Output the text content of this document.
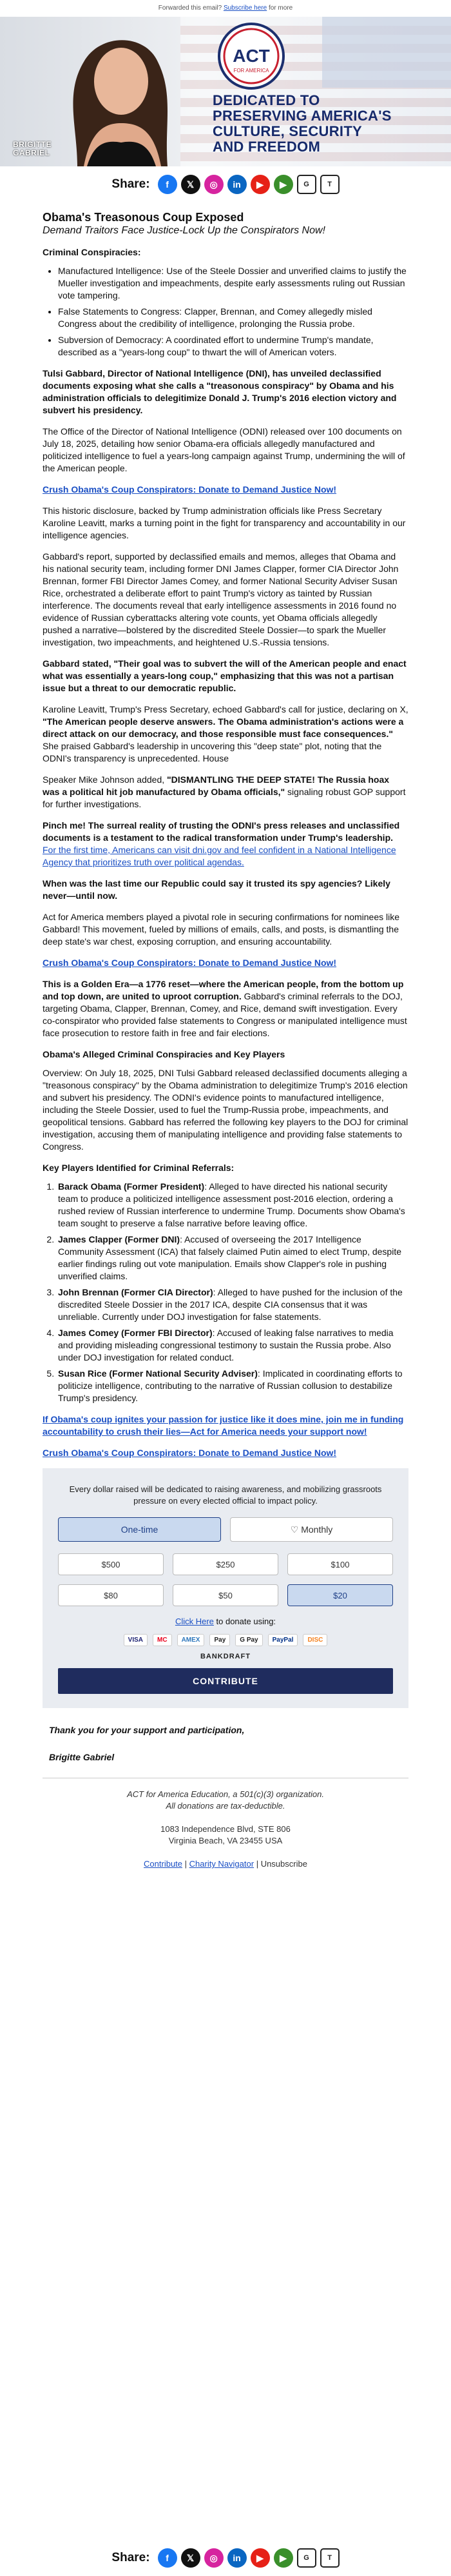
Forwarded this email? Subscribe here for more
BRIGITTE
GABRIEL
ACT
FOR AMERICA
DEDICATED TO
PRESERVING AMERICA'S
CULTURE, SECURITY
AND FREEDOM
Share:	f	𝕏	◎	in	▶	▶	G	T
Obama's Treasonous Coup Exposed
Demand Traitors Face Justice-Lock Up the Conspirators Now!
Criminal Conspiracies:
• Manufactured Intelligence: Use of the Steele Dossier and unverified claims to justify the Mueller investigation and impeachments, despite early assessments ruling out Russian vote tampering.
• False Statements to Congress: Clapper, Brennan, and Comey allegedly misled Congress about the credibility of intelligence, prolonging the Russia probe.
• Subversion of Democracy: A coordinated effort to undermine Trump's mandate, described as a "years-long coup" to thwart the will of American voters.

Tulsi Gabbard, Director of National Intelligence (DNI), has unveiled declassified documents exposing what she calls a "treasonous conspiracy" by Obama and his administration officials to delegitimize Donald J. Trump's 2016 election victory and subvert his presidency.

The Office of the Director of National Intelligence (ODNI) released over 100 documents on July 18, 2025, detailing how senior Obama-era officials allegedly manufactured and politicized intelligence to fuel a years-long campaign against Trump, undermining the will of the American people.

Crush Obama's Coup Conspirators: Donate to Demand Justice Now!

This historic disclosure, backed by Trump administration officials like Press Secretary Karoline Leavitt, marks a turning point in the fight for transparency and accountability in our intelligence agencies.

Gabbard's report, supported by declassified emails and memos, alleges that Obama and his national security team, including former DNI James Clapper, former CIA Director John Brennan, former FBI Director James Comey, and former National Security Adviser Susan Rice, orchestrated a deliberate effort to paint Trump's victory as tainted by Russian interference. The documents reveal that early intelligence assessments in 2016 found no evidence of Russian cyberattacks altering vote counts, yet Obama officials allegedly pushed a narrative—bolstered by the discredited Steele Dossier—to spark the Mueller investigation, two impeachments, and heightened U.S.-Russia tensions.

Gabbard stated, "Their goal was to subvert the will of the American people and enact what was essentially a years-long coup," emphasizing that this was not a partisan issue but a threat to our democratic republic.

Karoline Leavitt, Trump's Press Secretary, echoed Gabbard's call for justice, declaring on X, "The American people deserve answers. The Obama administration's actions were a direct attack on our democracy, and those responsible must face consequences." She praised Gabbard's leadership in uncovering this "deep state" plot, noting that the ODNI's transparency is unprecedented. House

Speaker Mike Johnson added, "DISMANTLING THE DEEP STATE! The Russia hoax was a political hit job manufactured by Obama officials," signaling robust GOP support for further investigations.

Pinch me! The surreal reality of trusting the ODNI's press releases and unclassified documents is a testament to the radical transformation under Trump's leadership. For the first time, Americans can visit dni.gov and feel confident in a National Intelligence Agency that prioritizes truth over political agendas.

When was the last time our Republic could say it trusted its spy agencies? Likely never—until now.

Act for America members played a pivotal role in securing confirmations for nominees like Gabbard! This movement, fueled by millions of emails, calls, and posts, is dismantling the deep state's war chest, exposing corruption, and ensuring accountability.

Crush Obama's Coup Conspirators: Donate to Demand Justice Now!

This is a Golden Era—a 1776 reset—where the American people, from the bottom up and top down, are united to uproot corruption. Gabbard's criminal referrals to the DOJ, targeting Obama, Clapper, Brennan, Comey, and Rice, demand swift investigation. Every co-conspirator who provided false statements to Congress or manipulated intelligence must face prosecution to restore faith in free and fair elections.

Obama's Alleged Criminal Conspiracies and Key Players

Overview: On July 18, 2025, DNI Tulsi Gabbard released declassified documents alleging a "treasonous conspiracy" by the Obama administration to delegitimize Trump's 2016 election and subvert his presidency. The ODNI's evidence points to manufactured intelligence, including the Steele Dossier, used to fuel the Trump-Russia probe, impeachments, and geopolitical tensions. Gabbard has referred the following key players to the DOJ for criminal investigation, accusing them of manipulating intelligence and providing false statements to Congress.

Key Players Identified for Criminal Referrals:
1. Barack Obama (Former President): Alleged to have directed his national security team to produce a politicized intelligence assessment post-2016 election, ordering a rushed review of Russian interference to undermine Trump. Documents show Obama's team sought to preserve a false narrative before leaving office.
2. James Clapper (Former DNI): Accused of overseeing the 2017 Intelligence Community Assessment (ICA) that falsely claimed Putin aimed to elect Trump, despite earlier findings ruling out vote manipulation. Emails show Clapper's role in pushing unverified claims.
3. John Brennan (Former CIA Director): Alleged to have pushed for the inclusion of the discredited Steele Dossier in the 2017 ICA, despite CIA consensus that it was unreliable. Currently under DOJ investigation for false statements.
4. James Comey (Former FBI Director): Accused of leaking false narratives to media and providing misleading congressional testimony to sustain the Russia probe. Also under DOJ investigation for related conduct.
5. Susan Rice (Former National Security Adviser): Implicated in coordinating efforts to politicize intelligence, contributing to the narrative of Russian collusion to destabilize Trump's presidency.

If Obama's coup ignites your passion for justice like it does mine, join me in funding accountability to crush their lies—Act for America needs your support now!

Crush Obama's Coup Conspirators: Donate to Demand Justice Now!

Every dollar raised will be dedicated to raising awareness, and mobilizing grassroots pressure on every elected official to impact policy.
One-time	♡ Monthly
$500	$250	$100
$80	$50	$20
Click Here to donate using:
VISA	MC	AMEX	Pay	G Pay	PayPal	DISC
BANKDRAFT
CONTRIBUTE

Thank you for your support and participation,

Brigitte Gabriel

ACT for America Education, a 501(c)(3) organization.
All donations are tax-deductible.
1083 Independence Blvd, STE 806
Virginia Beach, VA 23455 USA
Contribute | Charity Navigator | Unsubscribe
Share:	f	𝕏	◎	in	▶	▶	G	T
